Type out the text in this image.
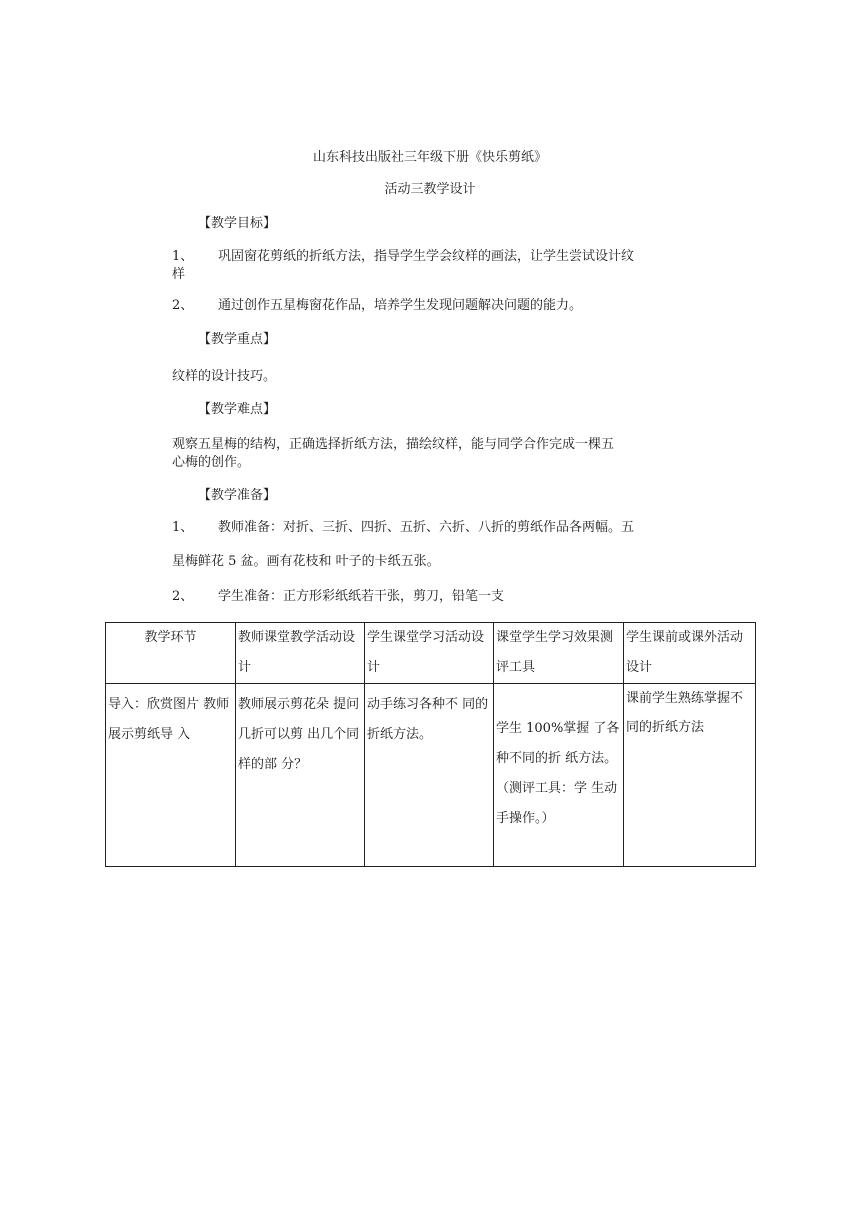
山东科技出版社三年级下册《快乐剪纸》
活动三教学设计
【教学目标】
1、 巩固窗花剪纸的折纸方法，指导学生学会纹样的画法，让学生尝试设计纹
样
2、 通过创作五星梅窗花作品，培养学生发现问题解决问题的能力。
【教学重点】
纹样的设计技巧。
【教学难点】
观察五星梅的结构，正确选择折纸方法，描绘纹样，能与同学合作完成一棵五
心梅的创作。
【教学准备】
1、 教师准备：对折、三折、四折、五折、六折、八折的剪纸作品各两幅。五
星梅鲜花 5 盆。画有花枝和 叶子的卡纸五张。
2、 学生准备：正方形彩纸纸若干张，剪刀，铅笔一支
教学环节	教师课堂教学活动设计	学生课堂学习活动设计	课堂学生学习效果测评工具	学生课前或课外活动设计
导入：欣赏图片 教师展示剪纸导 入	教师展示剪花朵 提问几折可以剪 出几个同样的部 分？	动手练习各种不 同的折纸方法。	学生 100%掌握 了各种不同的折 纸方法。（测评工具：学 生动手操作。）	课前学生熟练掌握不同的折纸方法
